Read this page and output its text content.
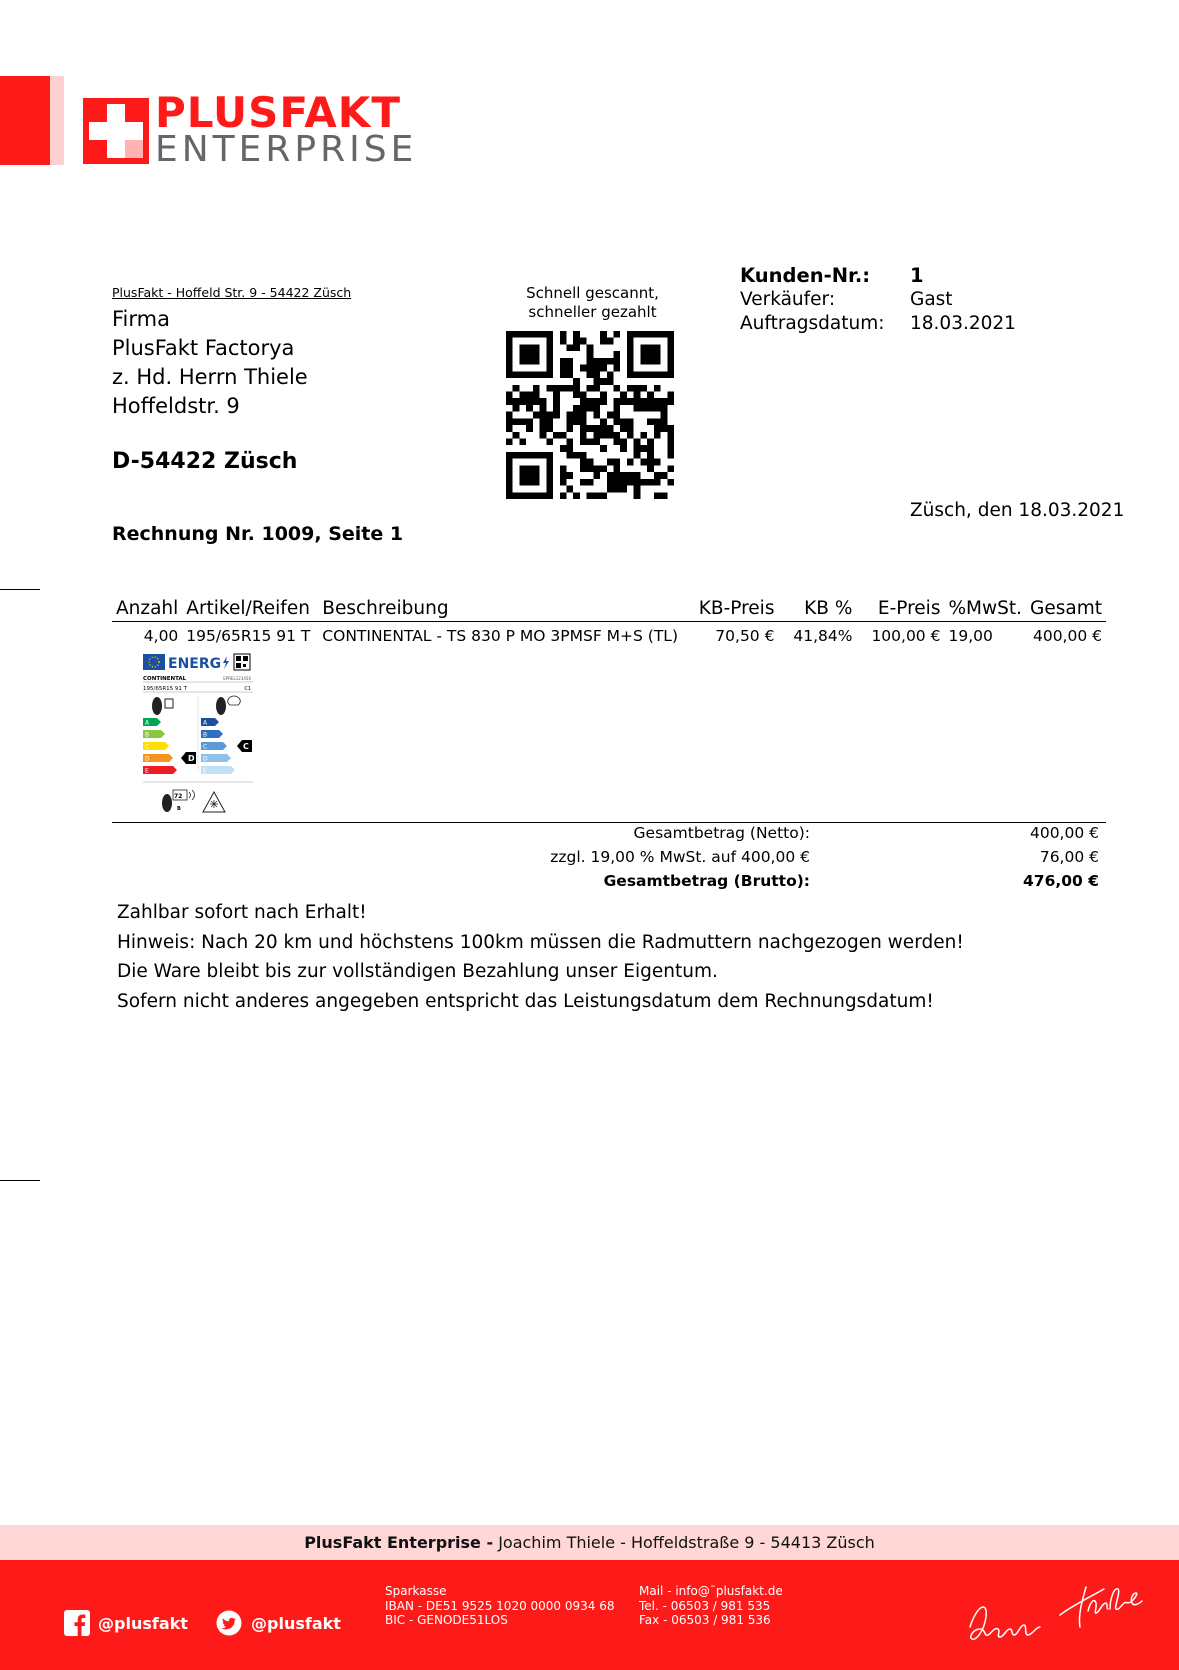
PLUSFAKT
ENTERPRISE
PlusFakt - Hoffeld Str. 9 - 54422 Züsch
Firma
PlusFakt Factorya
z. Hd. Herrn Thiele
Hoffeldstr. 9
D-54422 Züsch
Schnell gescannt,
schneller gezahlt
Kunden-Nr.:	1
Verkäufer:	Gast
Auftragsdatum:	18.03.2021
Züsch, den 18.03.2021
Rechnung Nr. 1009, Seite 1
Anzahl	Artikel/Reifen	Beschreibung	KB-Preis	KB %	E-Preis	%MwSt.	Gesamt
4,00	195/65R15 91 T	CONTINENTAL - TS 830 P MO 3PMSF M+S (TL)	70,50 €	41,84%	100,00 €	19,00	400,00 €
ENERG
CONTINENTAL	EPREL123456
195/65R15 91 T	C1
A
B
C
D
E
D
A
B
C
D
E
C
72
B
Gesamtbetrag (Netto):	400,00 €
zzgl. 19,00 % MwSt. auf 400,00 €	76,00 €
Gesamtbetrag (Brutto):	476,00 €
Zahlbar sofort nach Erhalt!
Hinweis: Nach 20 km und höchstens 100km müssen die Radmuttern nachgezogen werden!
Die Ware bleibt bis zur vollständigen Bezahlung unser Eigentum.
Sofern nicht anderes angegeben entspricht das Leistungsdatum dem Rechnungsdatum!
PlusFakt Enterprise - Joachim Thiele - Hoffeldstraße 9 - 54413 Züsch
@plusfakt	@plusfakt
Sparkasse
IBAN - DE51 9525 1020 0000 0934 68
BIC - GENODE51LOS
Mail - info@¯plusfakt.de
Tel. - 06503 / 981 535
Fax - 06503 / 981 536
